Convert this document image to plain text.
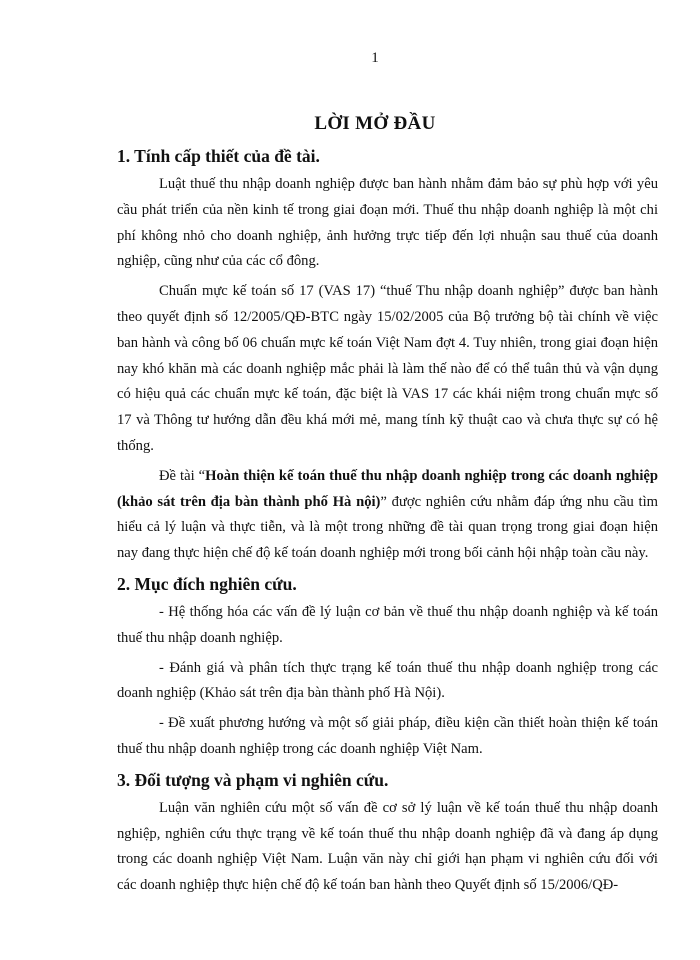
1
LỜI MỞ ĐẦU
1. Tính cấp thiết của đề tài.

Luật thuế thu nhập doanh nghiệp được ban hành nhằm đảm bảo sự phù hợp với yêu cầu phát triển của nền kinh tế trong giai đoạn mới. Thuế thu nhập doanh nghiệp là một chi phí không nhỏ cho doanh nghiệp, ảnh hưởng trực tiếp đến lợi nhuận sau thuế của doanh nghiệp, cũng như của các cổ đông.

Chuẩn mực kế toán số 17 (VAS 17) “thuế Thu nhập doanh nghiệp” được ban hành theo quyết định số 12/2005/QĐ-BTC ngày 15/02/2005 của Bộ trưởng bộ tài chính về việc ban hành và công bố 06 chuẩn mực kế toán Việt Nam đợt 4. Tuy nhiên, trong giai đoạn hiện nay khó khăn mà các doanh nghiệp mắc phải là làm thế nào để có thể tuân thủ và vận dụng có hiệu quả các chuẩn mực kế toán, đặc biệt là VAS 17 các khái niệm trong chuẩn mực số 17 và Thông tư hướng dẫn đều khá mới mẻ, mang tính kỹ thuật cao và chưa thực sự có hệ thống.

Đề tài “Hoàn thiện kế toán thuế thu nhập doanh nghiệp trong các doanh nghiệp (khảo sát trên địa bàn thành phố Hà nội)” được nghiên cứu nhằm đáp ứng nhu cầu tìm hiểu cả lý luận và thực tiễn, và là một trong những đề tài quan trọng trong giai đoạn hiện nay đang thực hiện chế độ kế toán doanh nghiệp mới trong bối cảnh hội nhập toàn cầu này.

2. Mục đích nghiên cứu.

- Hệ thống hóa các vấn đề lý luận cơ bản về thuế thu nhập doanh nghiệp và kế toán thuế thu nhập doanh nghiệp.

- Đánh giá và phân tích thực trạng kế toán thuế thu nhập doanh nghiệp trong các doanh nghiệp (Khảo sát trên địa bàn thành phố Hà Nội).

- Đề xuất phương hướng và một số giải pháp, điều kiện cần thiết hoàn thiện kế toán thuế thu nhập doanh nghiệp trong các doanh nghiệp Việt Nam.

3. Đối tượng và phạm vi nghiên cứu.

Luận văn nghiên cứu một số vấn đề cơ sở lý luận về kế toán thuế thu nhập doanh nghiệp, nghiên cứu thực trạng về kế toán thuế thu nhập doanh nghiệp đã và đang áp dụng trong các doanh nghiệp Việt Nam. Luận văn này chỉ giới hạn phạm vi nghiên cứu đối với các doanh nghiệp thực hiện chế độ kế toán ban hành theo Quyết định số 15/2006/QĐ-
